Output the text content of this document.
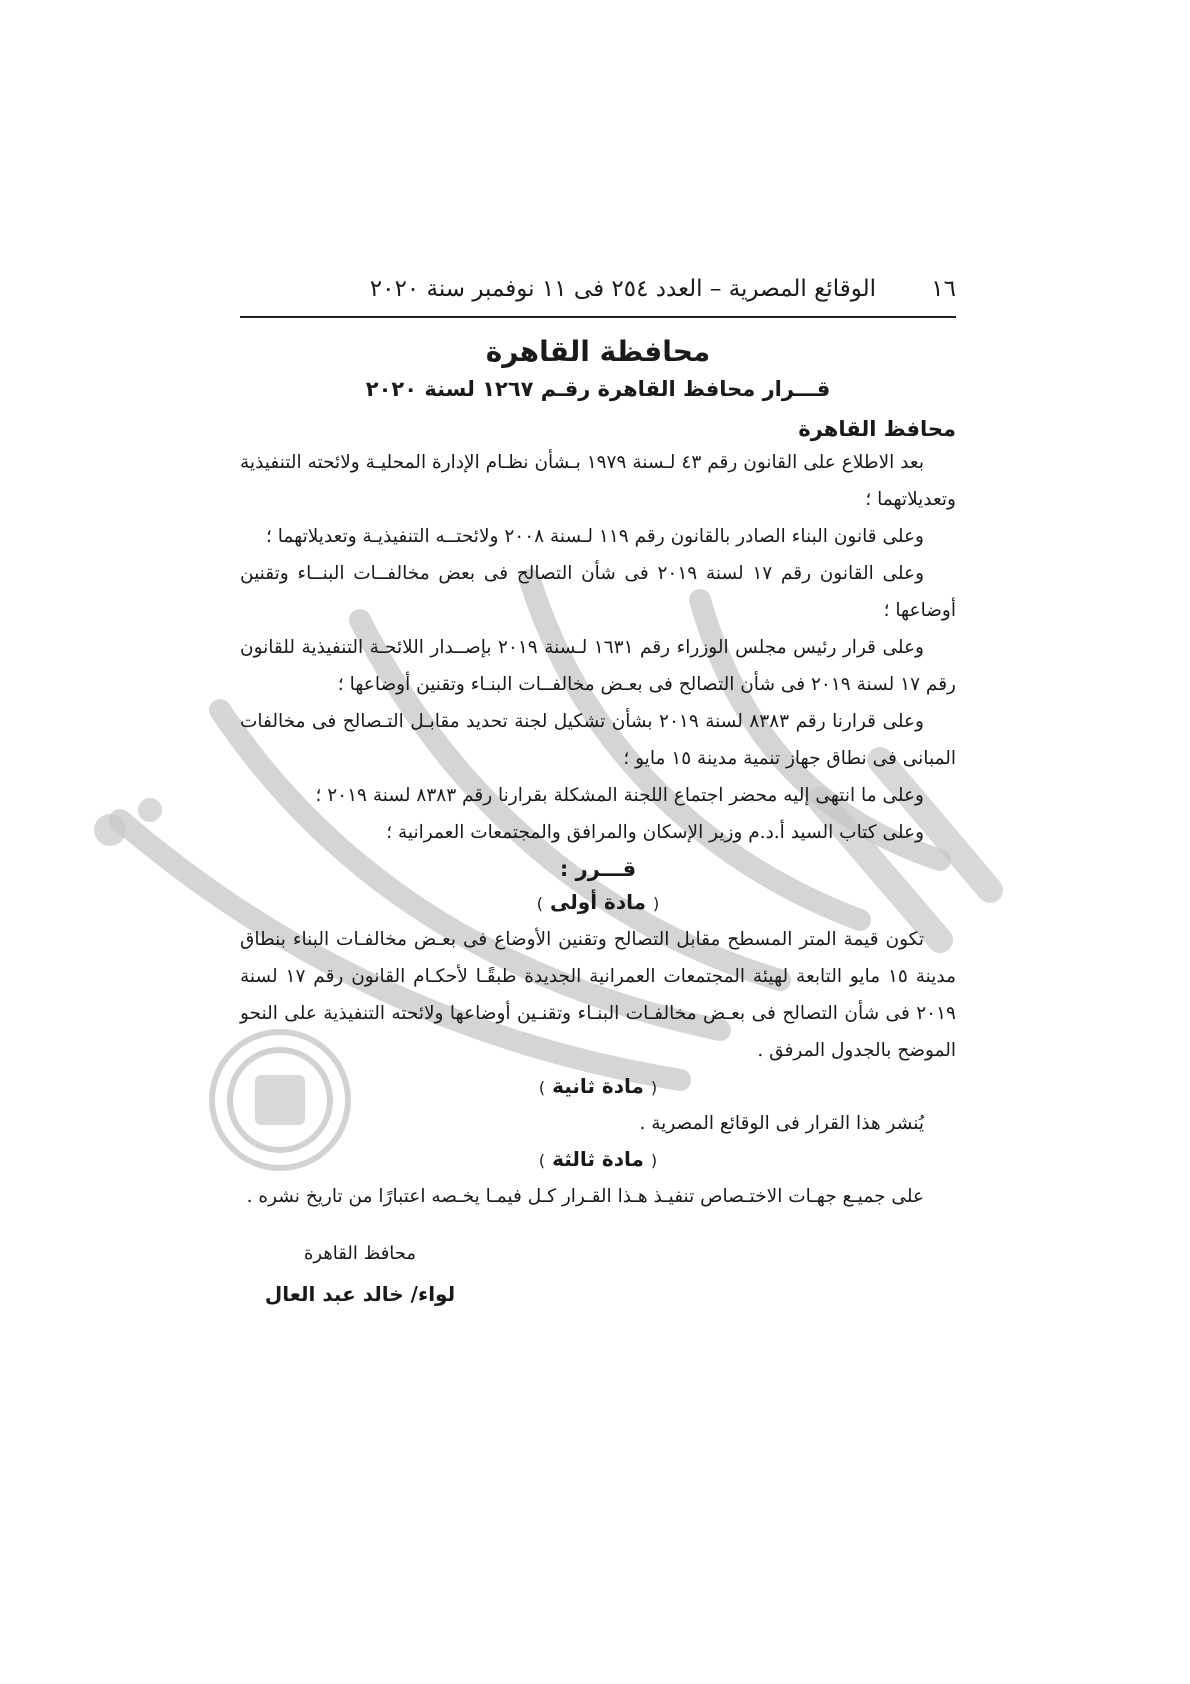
١٦
الوقائع المصرية – العدد ٢٥٤ فى ١١ نوفمبر سنة ٢٠٢٠
محافظة القاهرة
قـــرار محافظ القاهرة رقـم ١٢٦٧ لسنة ٢٠٢٠
محافظ القاهرة

بعد الاطلاع على القانون رقم ٤٣ لـسنة ١٩٧٩ بـشأن نظـام الإدارة المحليـة ولائحته التنفيذية وتعديلاتهما ؛

وعلى قانون البناء الصادر بالقانون رقم ١١٩ لـسنة ٢٠٠٨ ولائحتــه التنفيذيـة وتعديلاتهما ؛

وعلى القانون رقم ١٧ لسنة ٢٠١٩ فى شأن التصالح فى بعض مخالفــات البنــاء وتقنين أوضاعها ؛

وعلى قرار رئيس مجلس الوزراء رقم ١٦٣١ لـسنة ٢٠١٩ بإصــدار اللائحـة التنفيذية للقانون رقم ١٧ لسنة ٢٠١٩ فى شأن التصالح فى بعـض مخالفــات البنـاء وتقنين أوضاعها ؛

وعلى قرارنا رقم ٨٣٨٣ لسنة ٢٠١٩ بشأن تشكيل لجنة تحديد مقابـل التـصالح فى مخالفات المبانى فى نطاق جهاز تنمية مدينة ١٥ مايو ؛

وعلى ما انتهى إليه محضر اجتماع اللجنة المشكلة بقرارنا رقم ٨٣٨٣ لسنة ٢٠١٩ ؛

وعلى كتاب السيد أ.د.م وزير الإسكان والمرافق والمجتمعات العمرانية ؛

قـــرر :
( مادة أولى )

تكون قيمة المتر المسطح مقابل التصالح وتقنين الأوضاع فى بعـض مخالفـات البناء بنطاق مدينة ١٥ مايو التابعة لهيئة المجتمعات العمرانية الجديدة طبقًـا لأحكـام القانون رقم ١٧ لسنة ٢٠١٩ فى شأن التصالح فى بعـض مخالفـات البنـاء وتقنـين أوضاعها ولائحته التنفيذية على النحو الموضح بالجدول المرفق .

( مادة ثانية )

يُنشر هذا القرار فى الوقائع المصرية .

( مادة ثالثة )

على جميـع جهـات الاختـصاص تنفيـذ هـذا القـرار كـل فيمـا يخـصه اعتبارًا من تاريخ نشره .

محافظ القاهرة
لواء/ خالد عبد العال
